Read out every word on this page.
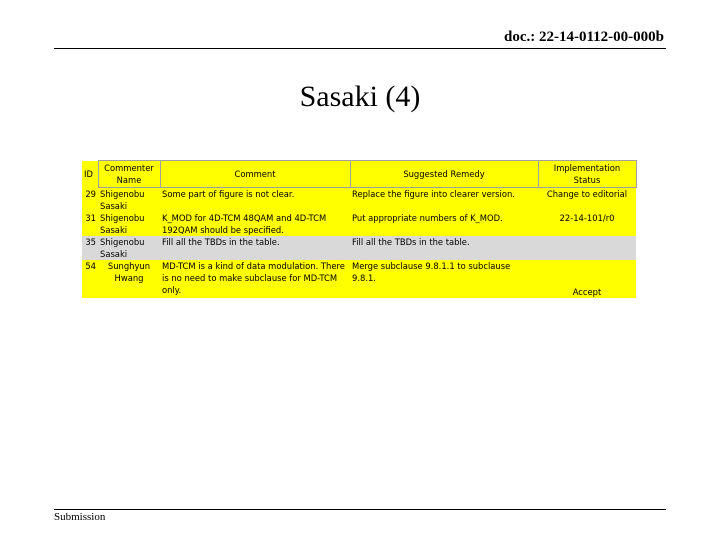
doc.: 22-14-0112-00-000b
Sasaki (4)
ID	Commenter Name	Comment	Suggested Remedy	Implementation Status
29	Shigenobu Sasaki	Some part of figure is not clear.	Replace the figure into clearer version.	Change to editorial
31	Shigenobu Sasaki	K_MOD for 4D-TCM 48QAM and 4D-TCM 192QAM should be specified.	Put appropriate numbers of K_MOD.	22-14-101/r0
35	Shigenobu Sasaki	Fill all the TBDs in the table.	Fill all the TBDs in the table.	
54	Sunghyun Hwang	MD-TCM is a kind of data modulation. There is no need to make subclause for MD-TCM only.	Merge subclause 9.8.1.1 to subclause 9.8.1.	Accept
Submission
